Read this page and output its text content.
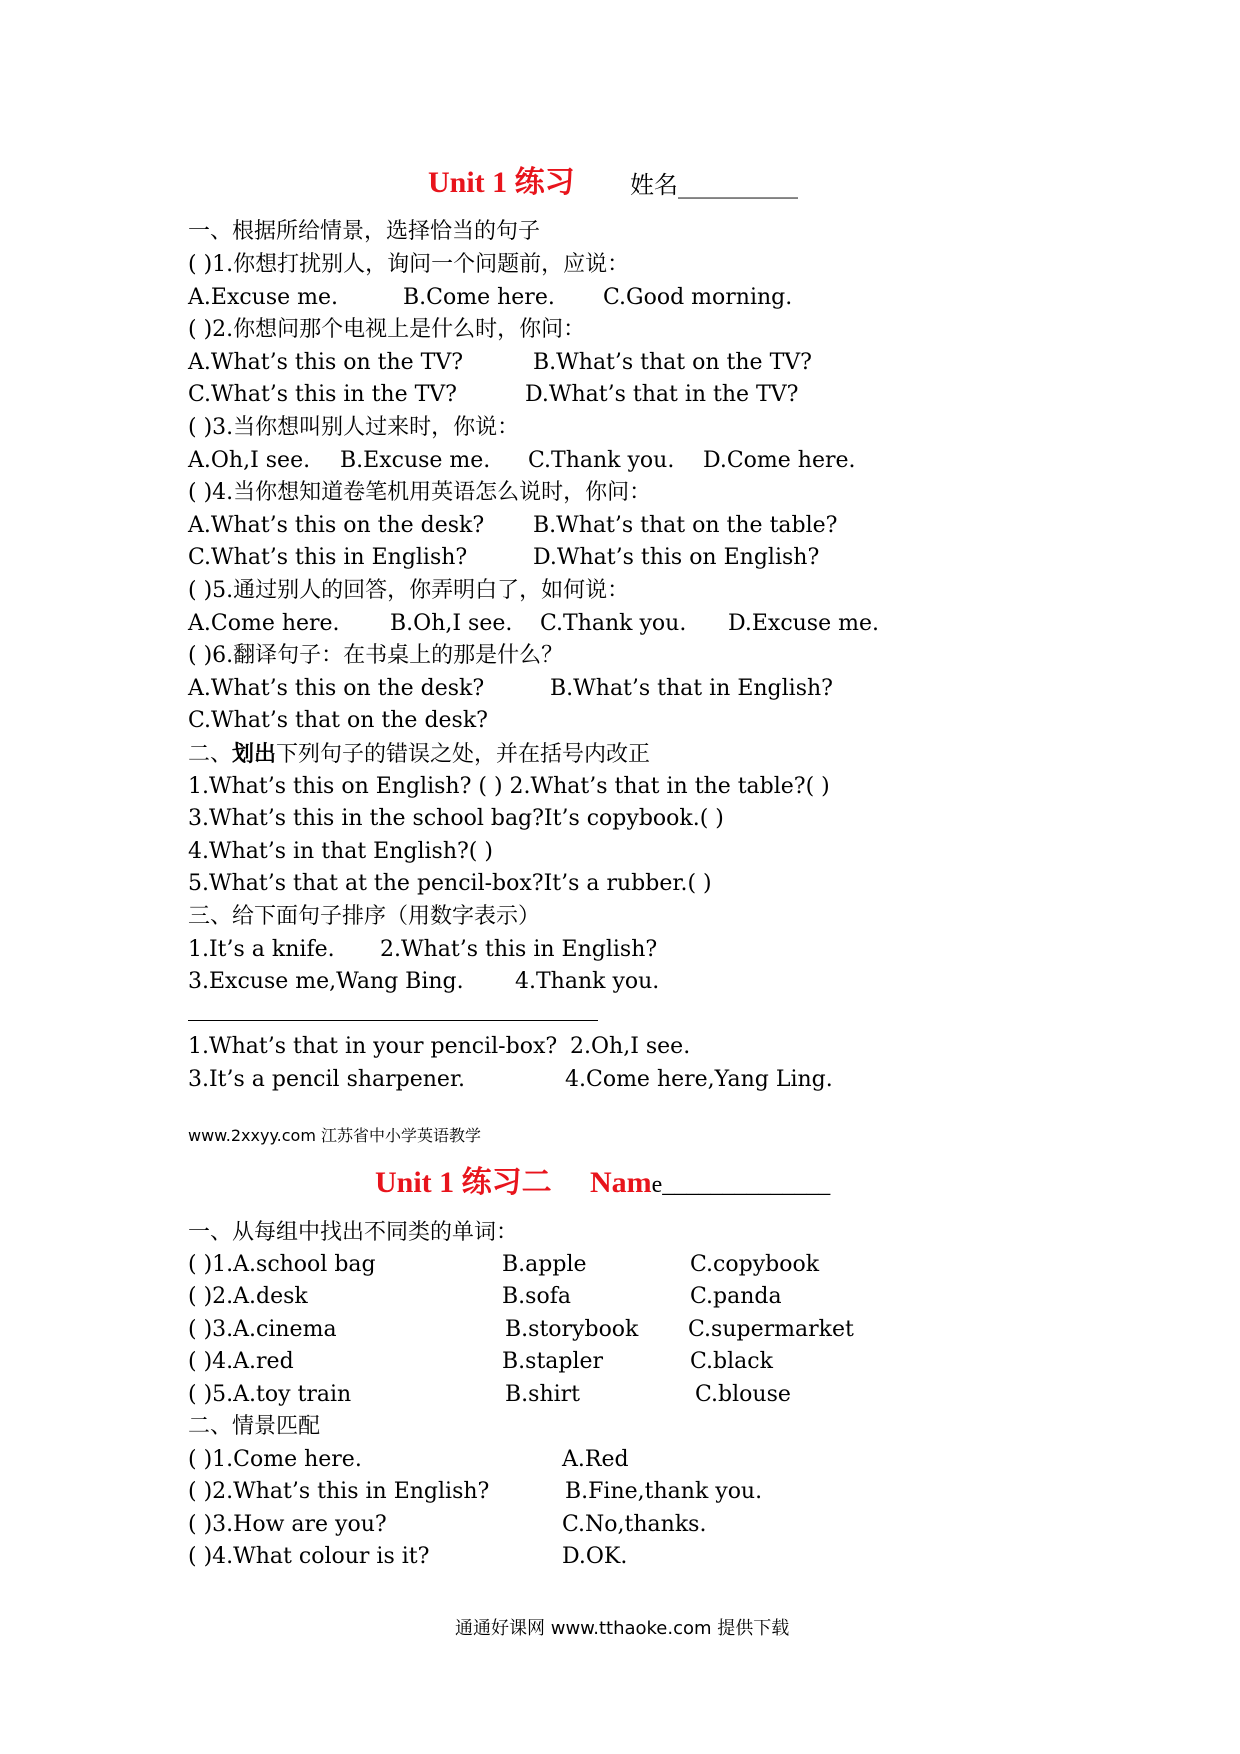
Unit 1 练习 姓名__________
一、根据所给情景，选择恰当的句子
( )1.你想打扰别人，询问一个问题前，应说：
A.Excuse me.	B.Come here. C.Good morning.
( )2.你想问那个电视上是什么时，你问：
A.What’s this on the TV?	B.What’s that on the TV?
C.What’s this in the TV?	D.What’s that in the TV?
( )3.当你想叫别人过来时，你说：
A.Oh,I see. B.Excuse me. C.Thank you. D.Come here.
( )4.当你想知道卷笔机用英语怎么说时，你问：
A.What’s this on the desk? B.What’s that on the table?
C.What’s this in English?	D.What’s this on English?
( )5.通过别人的回答，你弄明白了，如何说：
A.Come here. B.Oh,I see. C.Thank you. D.Excuse me.
( )6.翻译句子：在书桌上的那是什么？
A.What’s this on the desk?	B.What’s that in English?
C.What’s that on the desk?
二、划出下列句子的错误之处，并在括号内改正
1.What’s this on English? ( ) 2.What’s that in the table?( )
3.What’s this in the school bag?It’s copybook.( )
4.What’s in that English?( )
5.What’s that at the pencil-box?It’s a rubber.( )
三、给下面句子排序（用数字表示）
1.It’s a knife. 2.What’s this in English?
3.Excuse me,Wang Bing. 4.Thank you.
1.What’s that in your pencil-box? 2.Oh,I see.
3.It’s a pencil sharpener.	4.Come here,Yang Ling.
www.2xxyy.com 江苏省中小学英语教学
Unit 1 练习二 Name______________
一、从每组中找出不同类的单词：
( )1.A.school bag	B.apple	C.copybook
( )2.A.desk	B.sofa	C.panda
( )3.A.cinema	B.storybook C.supermarket
( )4.A.red	B.stapler	C.black
( )5.A.toy train	B.shirt	C.blouse
二、情景匹配
( )1.Come here.	A.Red
( )2.What’s this in English?	B.Fine,thank you.
( )3.How are you?	C.No,thanks.
( )4.What colour is it?	D.OK.
通通好课网 www.tthaoke.com 提供下载
